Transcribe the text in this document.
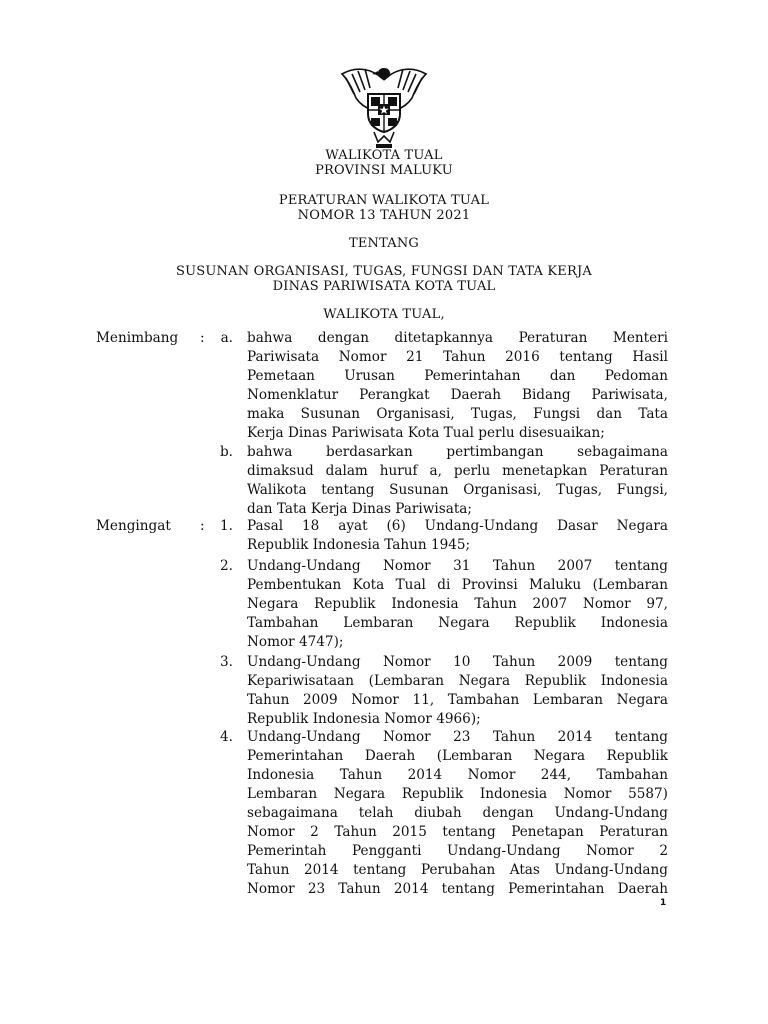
WALIKOTA TUAL
PROVINSI MALUKU
PERATURAN WALIKOTA TUAL
NOMOR 13 TAHUN 2021
TENTANG
SUSUNAN ORGANISASI, TUGAS, FUNGSI DAN TATA KERJA
DINAS PARIWISATA KOTA TUAL
WALIKOTA TUAL,
Menimbang :	a. bahwa dengan ditetapkannya Peraturan Menteri
Pariwisata Nomor 21 Tahun 2016 tentang Hasil
Pemetaan Urusan Pemerintahan dan Pedoman
Nomenklatur Perangkat Daerah Bidang Pariwisata,
maka Susunan Organisasi, Tugas, Fungsi dan Tata
Kerja Dinas Pariwisata Kota Tual perlu disesuaikan;
b. bahwa berdasarkan pertimbangan sebagaimana
dimaksud dalam huruf a, perlu menetapkan Peraturan
Walikota tentang Susunan Organisasi, Tugas, Fungsi,
dan Tata Kerja Dinas Pariwisata;
Mengingat :	1. Pasal 18 ayat (6) Undang-Undang Dasar Negara
Republik Indonesia Tahun 1945;
2. Undang-Undang Nomor 31 Tahun 2007 tentang
Pembentukan Kota Tual di Provinsi Maluku (Lembaran
Negara Republik Indonesia Tahun 2007 Nomor 97,
Tambahan Lembaran Negara Republik Indonesia
Nomor 4747);
3. Undang-Undang Nomor 10 Tahun 2009 tentang
Kepariwisataan (Lembaran Negara Republik Indonesia
Tahun 2009 Nomor 11, Tambahan Lembaran Negara
Republik Indonesia Nomor 4966);
4. Undang-Undang Nomor 23 Tahun 2014 tentang
Pemerintahan Daerah (Lembaran Negara Republik
Indonesia Tahun 2014 Nomor 244, Tambahan
Lembaran Negara Republik Indonesia Nomor 5587)
sebagaimana telah diubah dengan Undang-Undang
Nomor 2 Tahun 2015 tentang Penetapan Peraturan
Pemerintah Pengganti Undang-Undang Nomor 2
Tahun 2014 tentang Perubahan Atas Undang-Undang
Nomor 23 Tahun 2014 tentang Pemerintahan Daerah
1
